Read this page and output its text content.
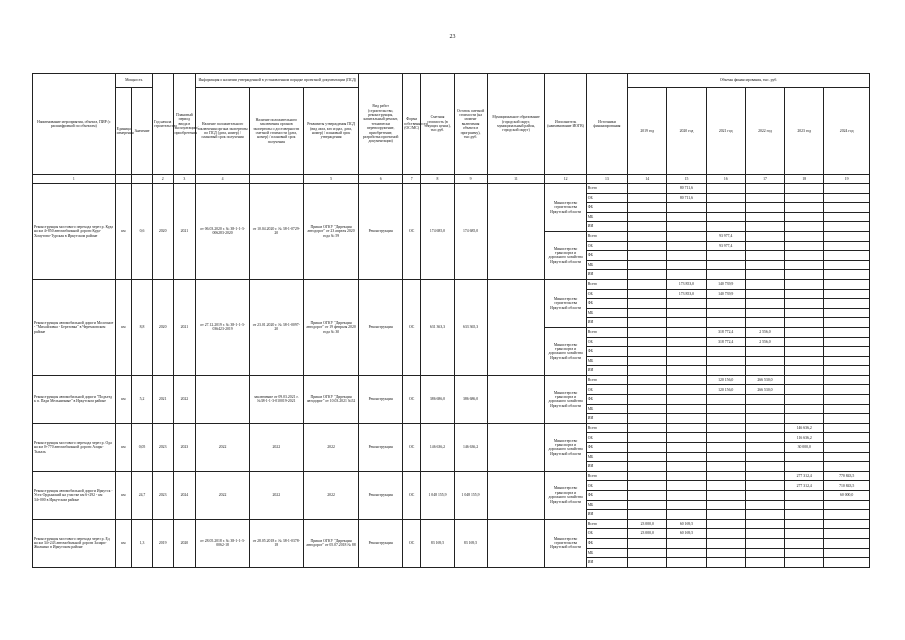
23
Наименование мероприятия, объекта, ПИР (с расшифровкой по объектам)	Мощность		Год начала строительства	Плановый период ввода в эксплуатацию/приобретения	Информация о наличии утвержденной в установленном порядке проектной документации (ПСД)			Вид работ (строительство, реконструкция, капитальный ремонт, технически перевооружение, приобретение, разработка проектной документации)	Форма собственности (ОС/МС)	Сметная стоимость (в текущих ценах), тыс.руб.	Остаток сметной стоимости (на момент включения объекта в программу), тыс.руб.	Муниципальное образование (городской округ, муниципальный район, городской округ)	Исполнитель (наименование ИОГВ)	Источники финансирования	Объемы финансирования, тыс. руб.					
	Единица измерения	Значение			Наличие положительного заключения органа экспертизы по ПСД (дата, номер) / плановый срок получения	Наличие положительного заключения органов экспертизы о достоверности сметной стоимости (дата, номер) / плановый срок получения	Реквизиты утверждения ПСД (вид акта, кто издал, дата, номер) / плановый срок утверждения								2019 год	2020 год	2021 год	2022 год	2023 год	2024 год
1			2	3	4		5	6	7	8	9	11	12	13	14	15	16	17	18	19
Реконструкция мостового перехода через р. Куда на км 4+850 автомобильной дороги Куда-Хомутово-Турская в Иркутском районе	км	0,6	2020	2021	от 06.03.2020 г. № 38-1-1-3-006283-2020	от 10.04.2020 г. № 38-1-0729-20	Приказ ОГКУ "Дирекция автодорог" от 23 апреля 2020 года № 59	Реконструкция	ОС	174 685,0	174 685,0		Министерство строительства Иркутской области	Всего		80 711,6				
														ОБ		80 711,6				
														ФБ						
														МБ						
														ИИ						
													Министерство транспорта и дорожного хозяйства Иркутской области	Всего			93 977,4			
														ОБ			93 977,4			
														ФБ						
														МБ						
														ИИ						
Реконструкция автомобильной дороги Молочное - "Михайловка - Березовка" в Черемховском районе	км	8,8	2020	2021	от 27.12.2019 г. № 38-1-1-3-036423-2019	от 23.01.2020 г. № 38-1-0097-20	Приказ ОГКУ "Дирекция автодорог" от 19 февраля 2020 года № 30	Реконструкция	ОС	631 363,3	633 365,3		Министерство строительства Иркутской области	Всего		173 853,0	140 739,9			
														ОБ		173 853,0	140 739,9			
														ФБ						
														МБ						
														ИИ						
													Министерство транспорта и дорожного хозяйства Иркутской области	Всего			318 772,4	2 556,0		
														ОБ			318 772,4	2 556,0		
														ФБ						
														МБ						
														ИИ						
Реконструкция автомобильной дороги "Подъезд к п. Пади Мельничные" в Иркутском районе	км	5,2	2021	2022		заключение от 09.03.2021 г. №38-1-1-3-010019-2021	Приказ ОГКУ "Дирекция автодорог" от 10.03.2021 №52	Реконструкция	ОС	386 686,0	386 686,0		Министерство транспорта и дорожного хозяйства Иркутской области	Всего			120 156,0	266 530,0		
														ОБ			120 156,0	266 530,0		
														ФБ						
														МБ						
														ИИ						
Реконструкция мостового перехода через р. Ода на км 0+770 автомобильной дороги Аларь-Тыхаль	км	0,05	2023	2023	2022	2022	2022	Реконструкция	ОС	146 636,2	146 636,2		Министерство транспорта и дорожного хозяйства Иркутской области	Всего					146 636,2	
														ОБ					116 636,2	
														ФБ					30 000,0	
														МБ						
														ИИ						
Реконструкция автомобильной дороги Иркутск - Усть-Ордынский на участке км 6+292 - км 34+000 в Иркутском районе	км	24,7	2023	2024	2022	2022	2022	Реконструкция	ОС	1 048 155,9	1 048 155,9		Министерство транспорта и дорожного хозяйства Иркутской области	Всего					277 312,4	770 843,5
														ОБ					277 312,4	710 843,5
														ФБ						60 000,0
														МБ						
														ИИ						
Реконструкция мостового перехода через р. Ед на км 34+243 автомобильной дороги Залари-Жилкино в Иркутском районе	км	1,3	2019	2020	от 28.05.2018 г. № 38-1-1-3-0062-18	от 28.05.2018 г. № 38-1-0378-18	Приказ ОГКУ "Дирекция автодорог" от 05.07.2018 № 88	Реконструкция	ОС	83 169,5	83 169,5		Министерство строительства Иркутской области	Всего	23 000,0	60 169,5				
														ОБ	23 000,0	60 169,5				
														ФБ						
														МБ						
														ИИ						
